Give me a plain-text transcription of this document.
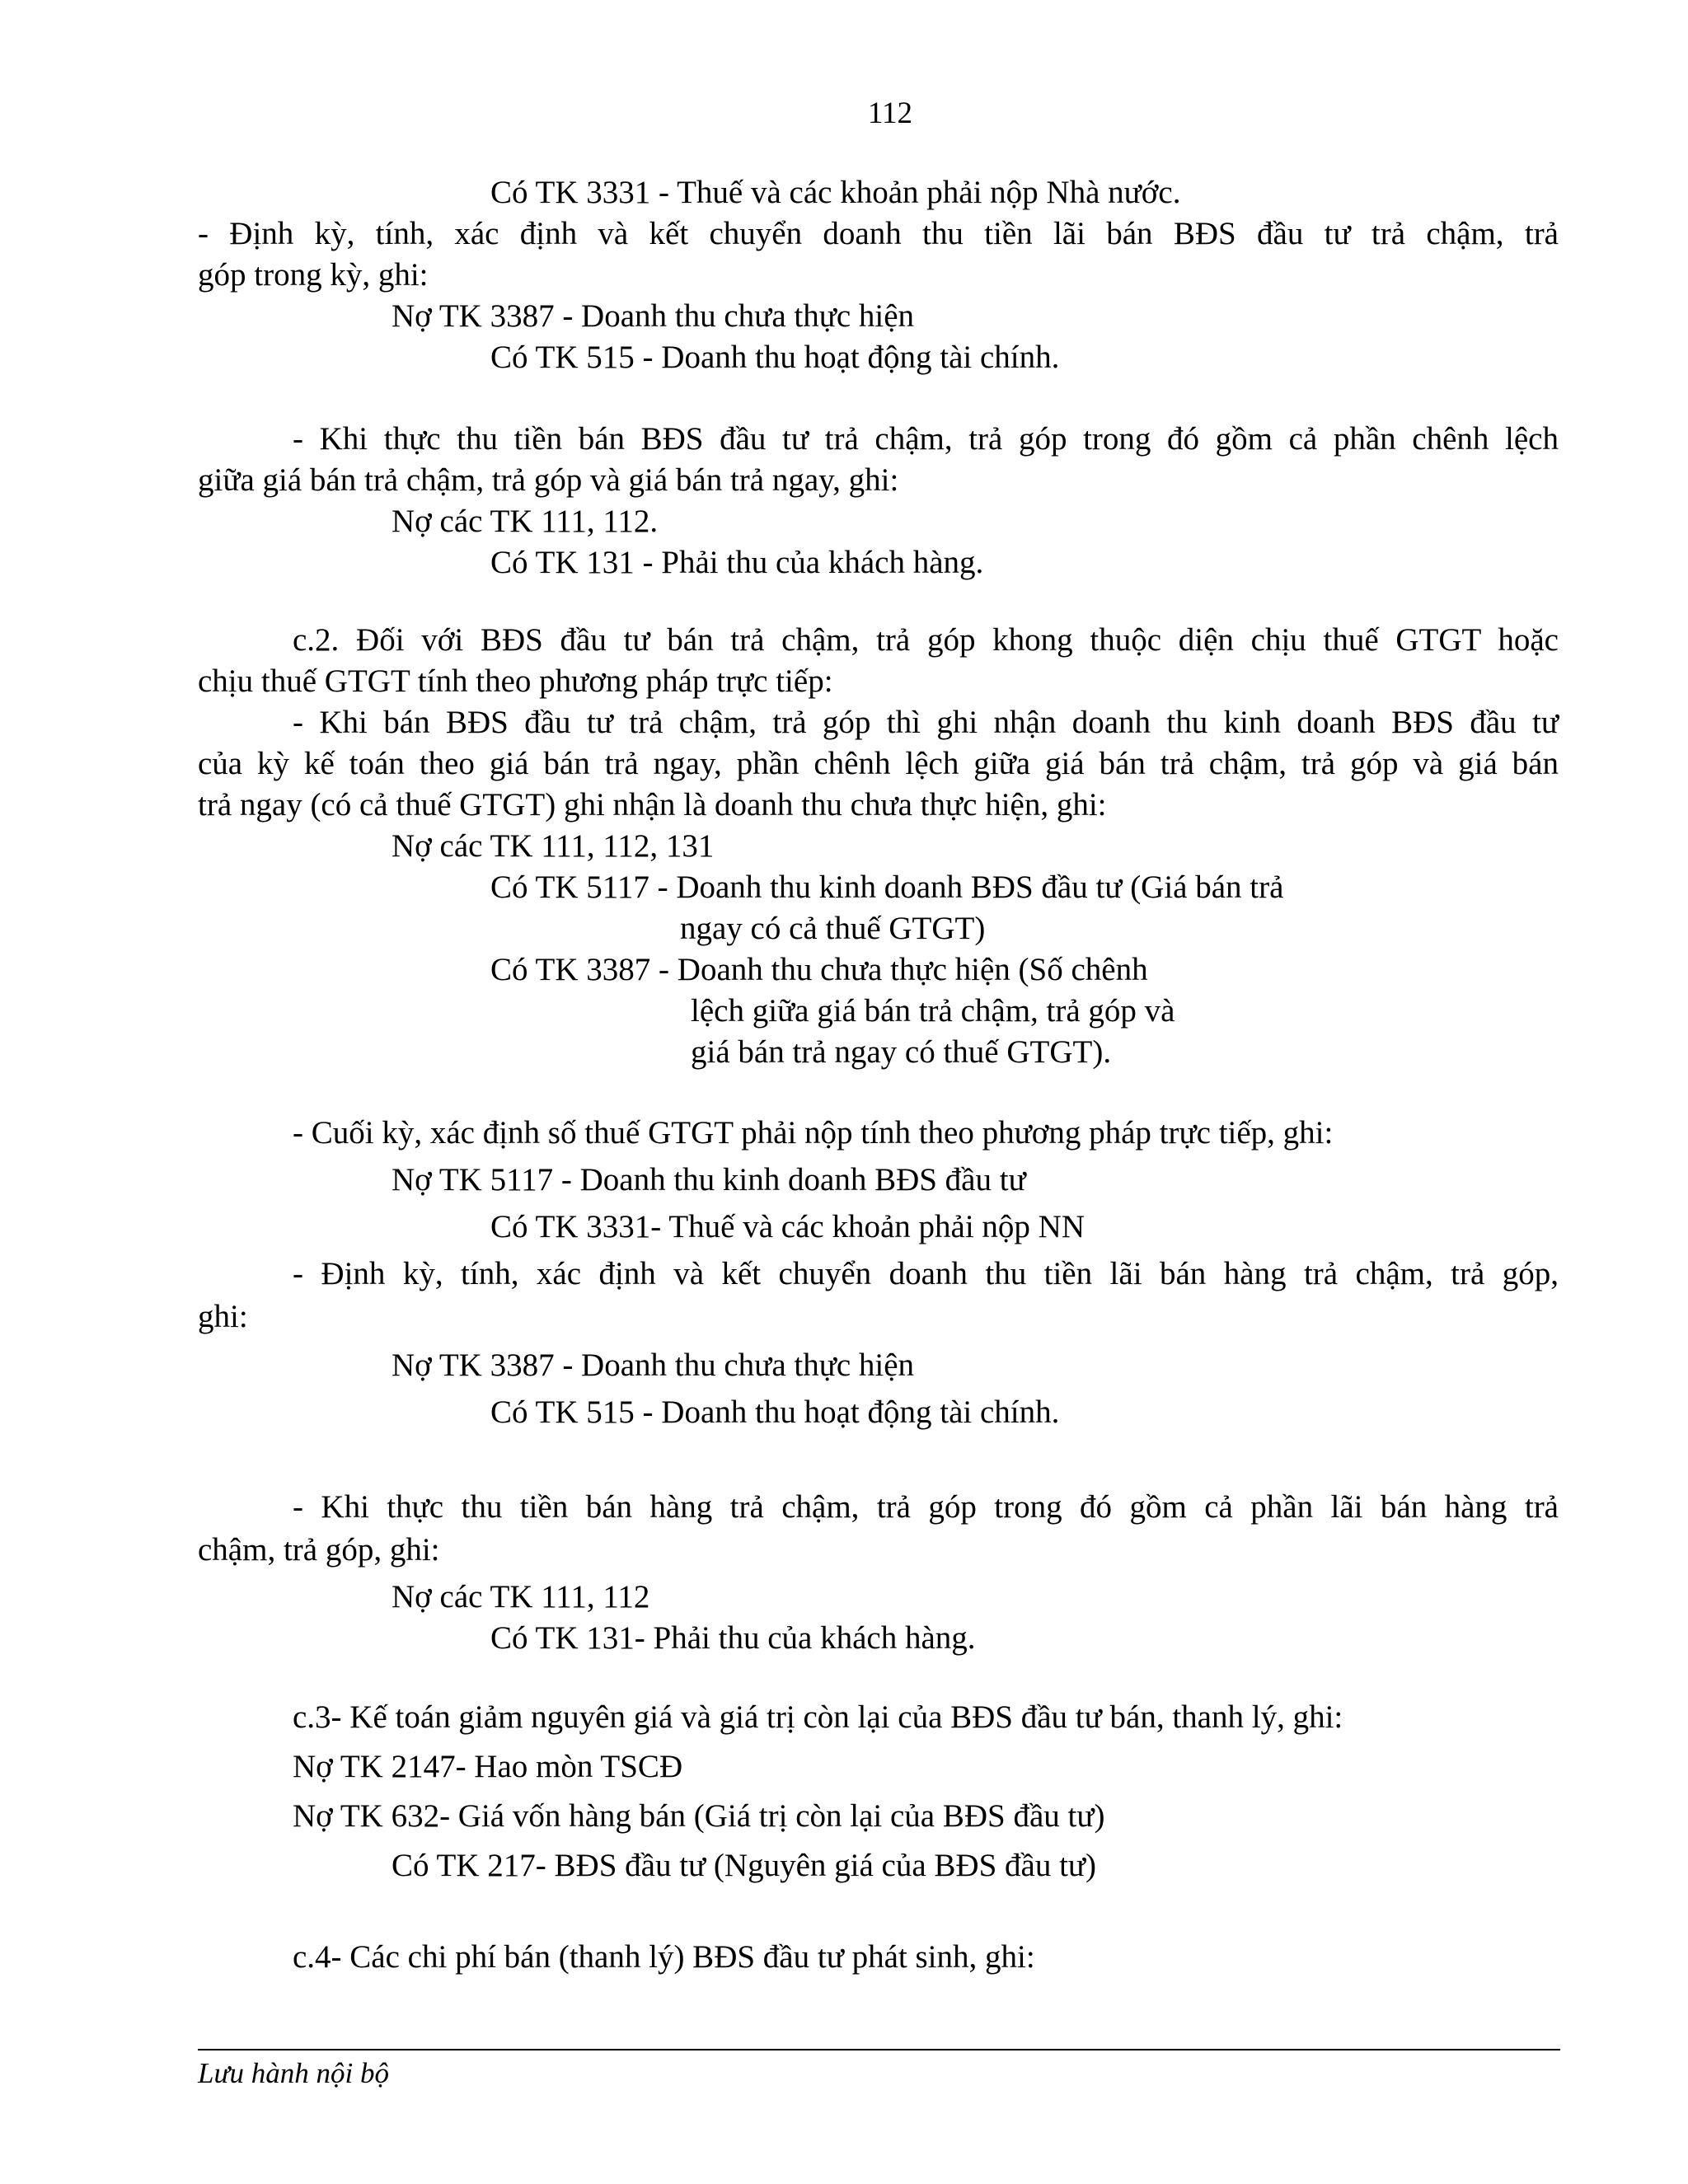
112
Có TK 3331 - Thuế và các khoản phải nộp Nhà nước.
- Định kỳ, tính, xác định và kết chuyển doanh thu tiền lãi bán BĐS đầu tư trả chậm, trả
góp trong kỳ, ghi:
Nợ TK 3387 - Doanh thu chưa thực hiện
Có TK 515 - Doanh thu hoạt động tài chính.
- Khi thực thu tiền bán BĐS đầu tư trả chậm, trả góp trong đó gồm cả phần chênh lệch
giữa giá bán trả chậm, trả góp và giá bán trả ngay, ghi:
Nợ các TK 111, 112.
Có TK 131 - Phải thu của khách hàng.
c.2. Đối với BĐS đầu tư bán trả chậm, trả góp khong thuộc diện chịu thuế GTGT hoặc
chịu thuế GTGT tính theo phương pháp trực tiếp:
- Khi bán BĐS đầu tư trả chậm, trả góp thì ghi nhận doanh thu kinh doanh BĐS đầu tư
của kỳ kế toán theo giá bán trả ngay, phần chênh lệch giữa giá bán trả chậm, trả góp và giá bán
trả ngay (có cả thuế GTGT) ghi nhận là doanh thu chưa thực hiện, ghi:
Nợ các TK 111, 112, 131
Có TK 5117 - Doanh thu kinh doanh BĐS đầu tư (Giá bán trả
ngay có cả thuế GTGT)
Có TK 3387 - Doanh thu chưa thực hiện (Số chênh
lệch giữa giá bán trả chậm, trả góp và
giá bán trả ngay có thuế GTGT).
- Cuối kỳ, xác định số thuế GTGT phải nộp tính theo phương pháp trực tiếp, ghi:
Nợ TK 5117 - Doanh thu kinh doanh BĐS đầu tư
Có TK 3331- Thuế và các khoản phải nộp NN
- Định kỳ, tính, xác định và kết chuyển doanh thu tiền lãi bán hàng trả chậm, trả góp,
ghi:
Nợ TK 3387 - Doanh thu chưa thực hiện
Có TK 515 - Doanh thu hoạt động tài chính.
- Khi thực thu tiền bán hàng trả chậm, trả góp trong đó gồm cả phần lãi bán hàng trả
chậm, trả góp, ghi:
Nợ các TK 111, 112
Có TK 131- Phải thu của khách hàng.
c.3- Kế toán giảm nguyên giá và giá trị còn lại của BĐS đầu tư bán, thanh lý, ghi:
Nợ TK 2147- Hao mòn TSCĐ
Nợ TK 632- Giá vốn hàng bán (Giá trị còn lại của BĐS đầu tư)
Có TK 217- BĐS đầu tư (Nguyên giá của BĐS đầu tư)
c.4- Các chi phí bán (thanh lý) BĐS đầu tư phát sinh, ghi:
Lưu hành nội bộ
